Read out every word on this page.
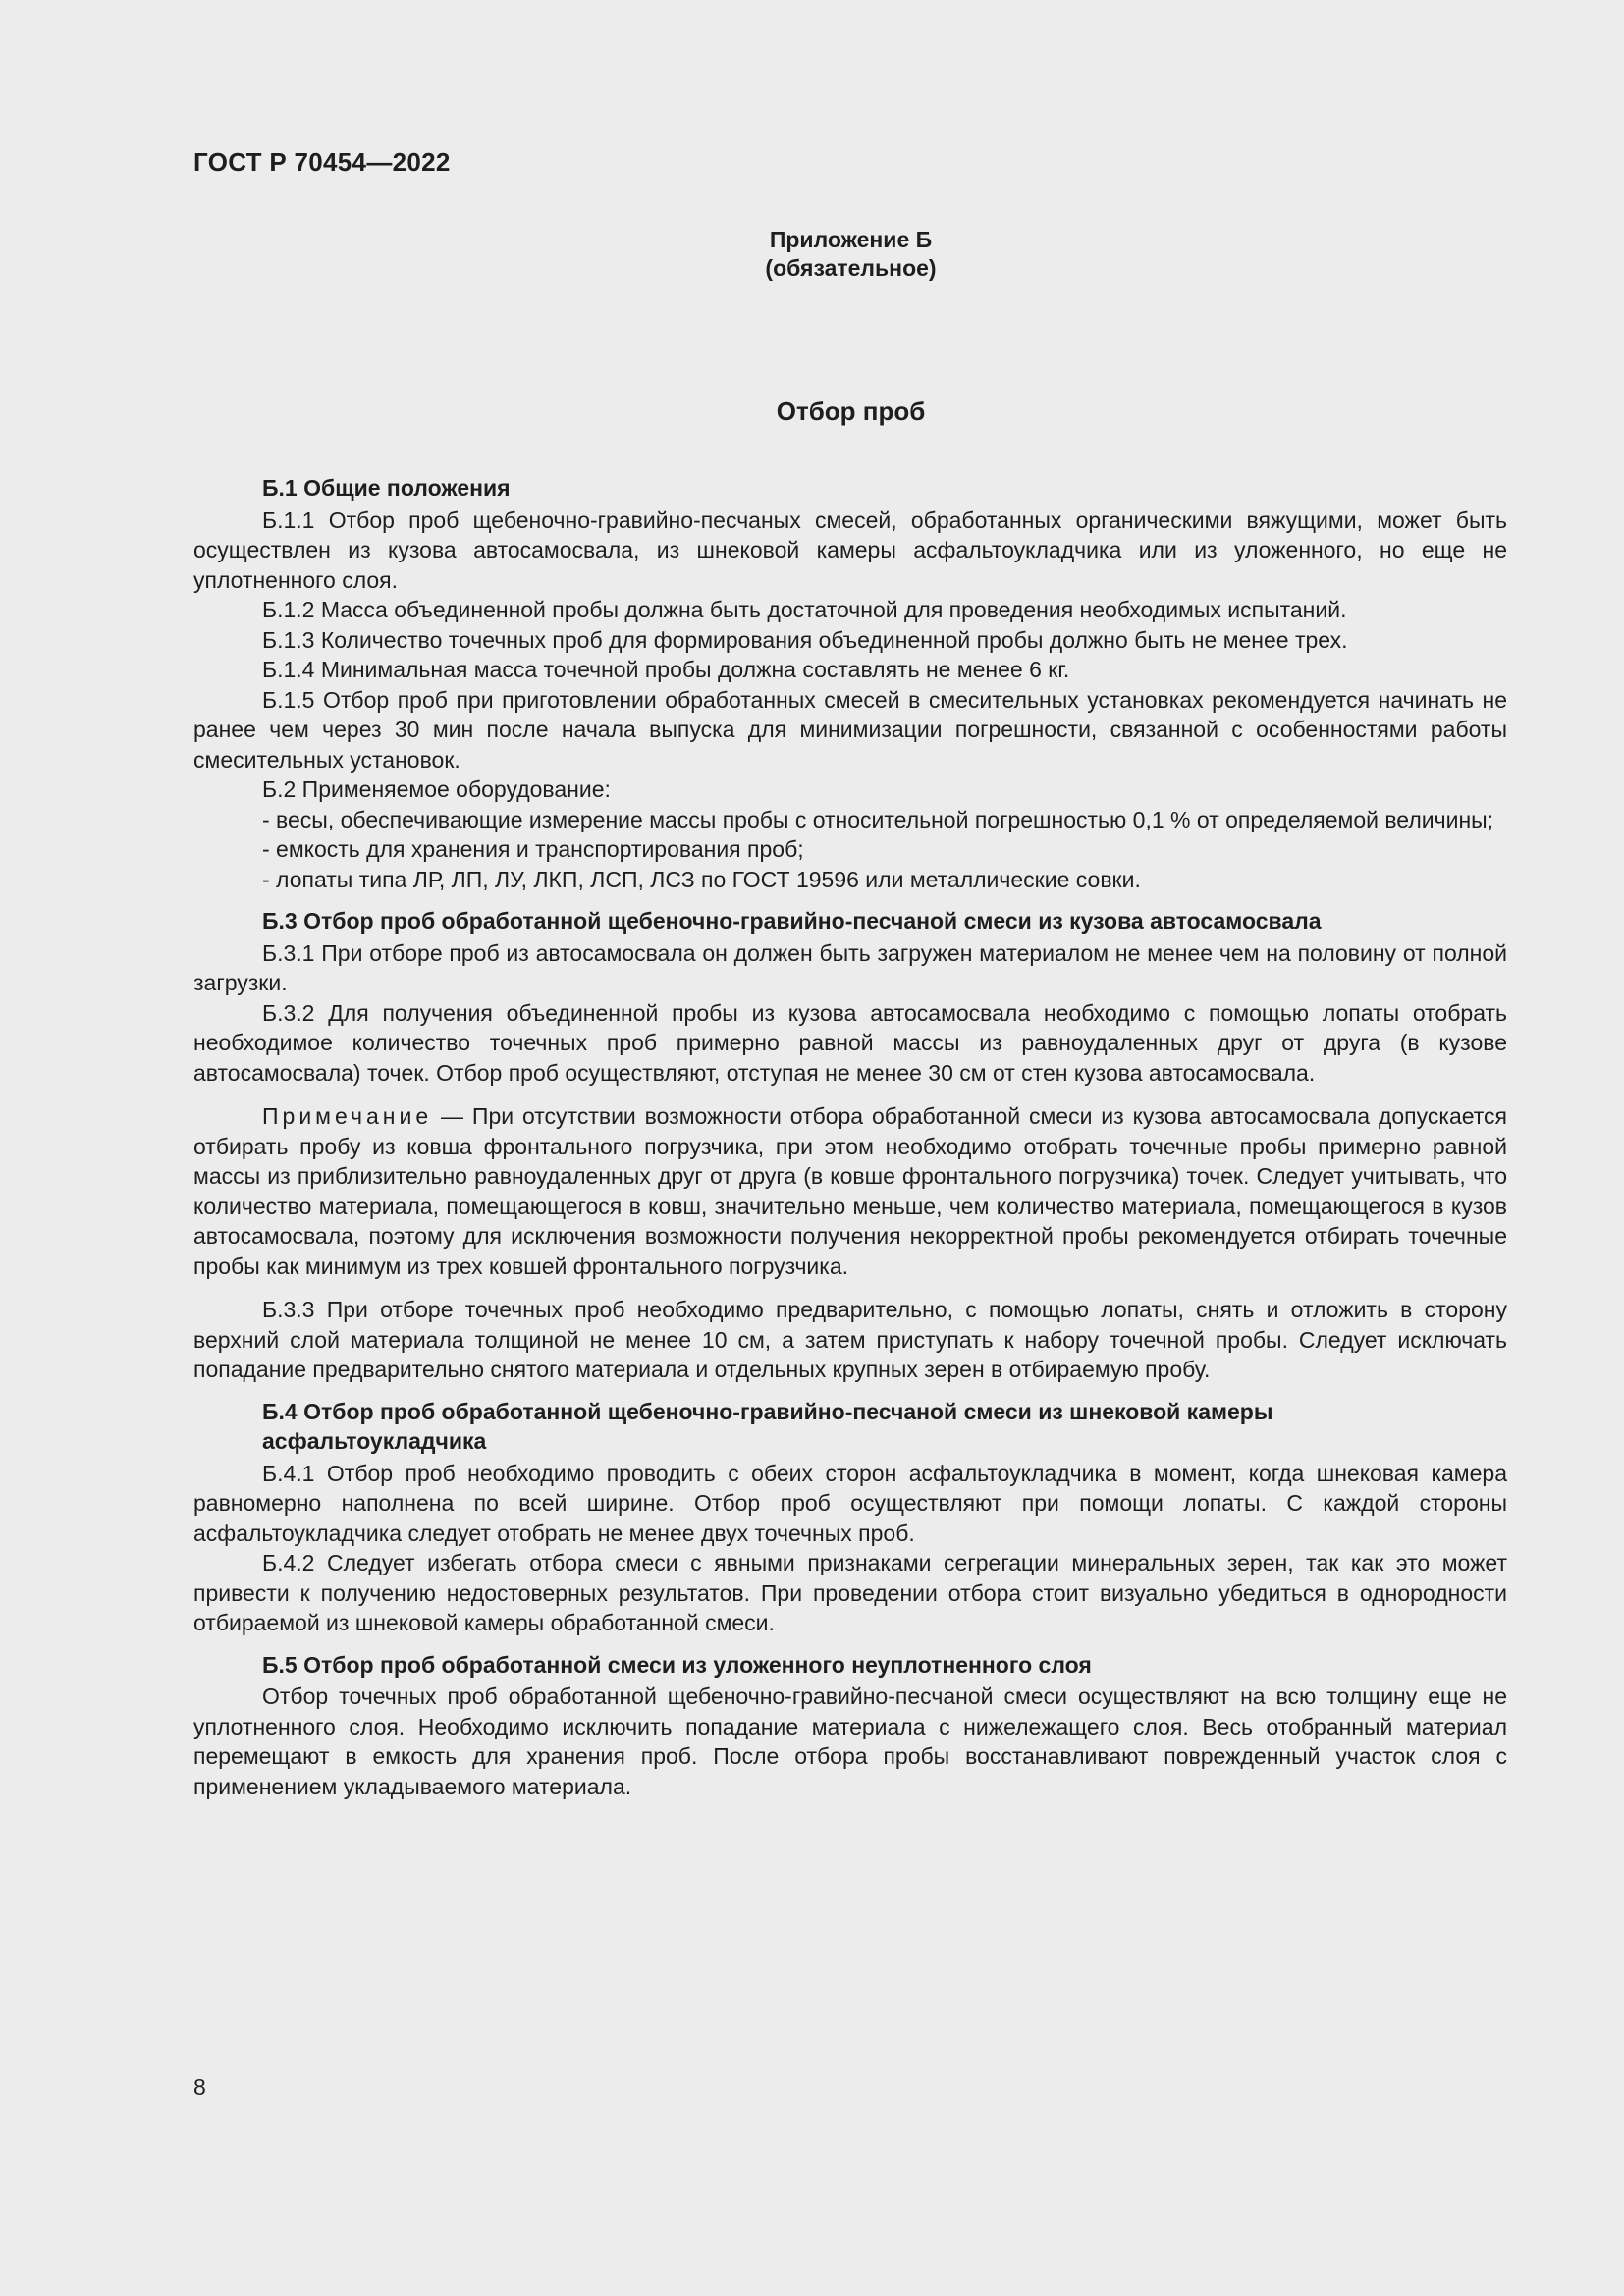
ГОСТ Р 70454—2022
Приложение Б
(обязательное)
Отбор проб

Б.1 Общие положения

Б.1.1 Отбор проб щебеночно-гравийно-песчаных смесей, обработанных органическими вяжущими, может быть осуществлен из кузова автосамосвала, из шнековой камеры асфальтоукладчика или из уложенного, но еще не уплотненного слоя.

Б.1.2 Масса объединенной пробы должна быть достаточной для проведения необходимых испытаний.

Б.1.3 Количество точечных проб для формирования объединенной пробы должно быть не менее трех.

Б.1.4 Минимальная масса точечной пробы должна составлять не менее 6 кг.

Б.1.5 Отбор проб при приготовлении обработанных смесей в смесительных установках рекомендуется начинать не ранее чем через 30 мин после начала выпуска для минимизации погрешности, связанной с особенностями работы смесительных установок.

Б.2 Применяемое оборудование:

- весы, обеспечивающие измерение массы пробы с относительной погрешностью 0,1 % от определяемой величины;

- емкость для хранения и транспортирования проб;

- лопаты типа ЛР, ЛП, ЛУ, ЛКП, ЛСП, ЛСЗ по ГОСТ 19596 или металлические совки.

Б.3 Отбор проб обработанной щебеночно-гравийно-песчаной смеси из кузова автосамосвала

Б.3.1 При отборе проб из автосамосвала он должен быть загружен материалом не менее чем на половину от полной загрузки.

Б.3.2 Для получения объединенной пробы из кузова автосамосвала необходимо с помощью лопаты отобрать необходимое количество точечных проб примерно равной массы из равноудаленных друг от друга (в кузове автосамосвала) точек. Отбор проб осуществляют, отступая не менее 30 см от стен кузова автосамосвала.

Примечание — При отсутствии возможности отбора обработанной смеси из кузова автосамосвала допускается отбирать пробу из ковша фронтального погрузчика, при этом необходимо отобрать точечные пробы примерно равной массы из приблизительно равноудаленных друг от друга (в ковше фронтального погрузчика) точек. Следует учитывать, что количество материала, помещающегося в ковш, значительно меньше, чем количество материала, помещающегося в кузов автосамосвала, поэтому для исключения возможности получения некорректной пробы рекомендуется отбирать точечные пробы как минимум из трех ковшей фронтального погрузчика.

Б.3.3 При отборе точечных проб необходимо предварительно, с помощью лопаты, снять и отложить в сторону верхний слой материала толщиной не менее 10 см, а затем приступать к набору точечной пробы. Следует исключать попадание предварительно снятого материала и отдельных крупных зерен в отбираемую пробу.

Б.4 Отбор проб обработанной щебеночно-гравийно-песчаной смеси из шнековой камеры

асфальтоукладчика

Б.4.1 Отбор проб необходимо проводить с обеих сторон асфальтоукладчика в момент, когда шнековая камера равномерно наполнена по всей ширине. Отбор проб осуществляют при помощи лопаты. С каждой стороны асфальтоукладчика следует отобрать не менее двух точечных проб.

Б.4.2 Следует избегать отбора смеси с явными признаками сегрегации минеральных зерен, так как это может привести к получению недостоверных результатов. При проведении отбора стоит визуально убедиться в однородности отбираемой из шнековой камеры обработанной смеси.

Б.5 Отбор проб обработанной смеси из уложенного неуплотненного слоя

Отбор точечных проб обработанной щебеночно-гравийно-песчаной смеси осуществляют на всю толщину еще не уплотненного слоя. Необходимо исключить попадание материала с нижележащего слоя. Весь отобранный материал перемещают в емкость для хранения проб. После отбора пробы восстанавливают поврежденный участок слоя с применением укладываемого материала.

8
